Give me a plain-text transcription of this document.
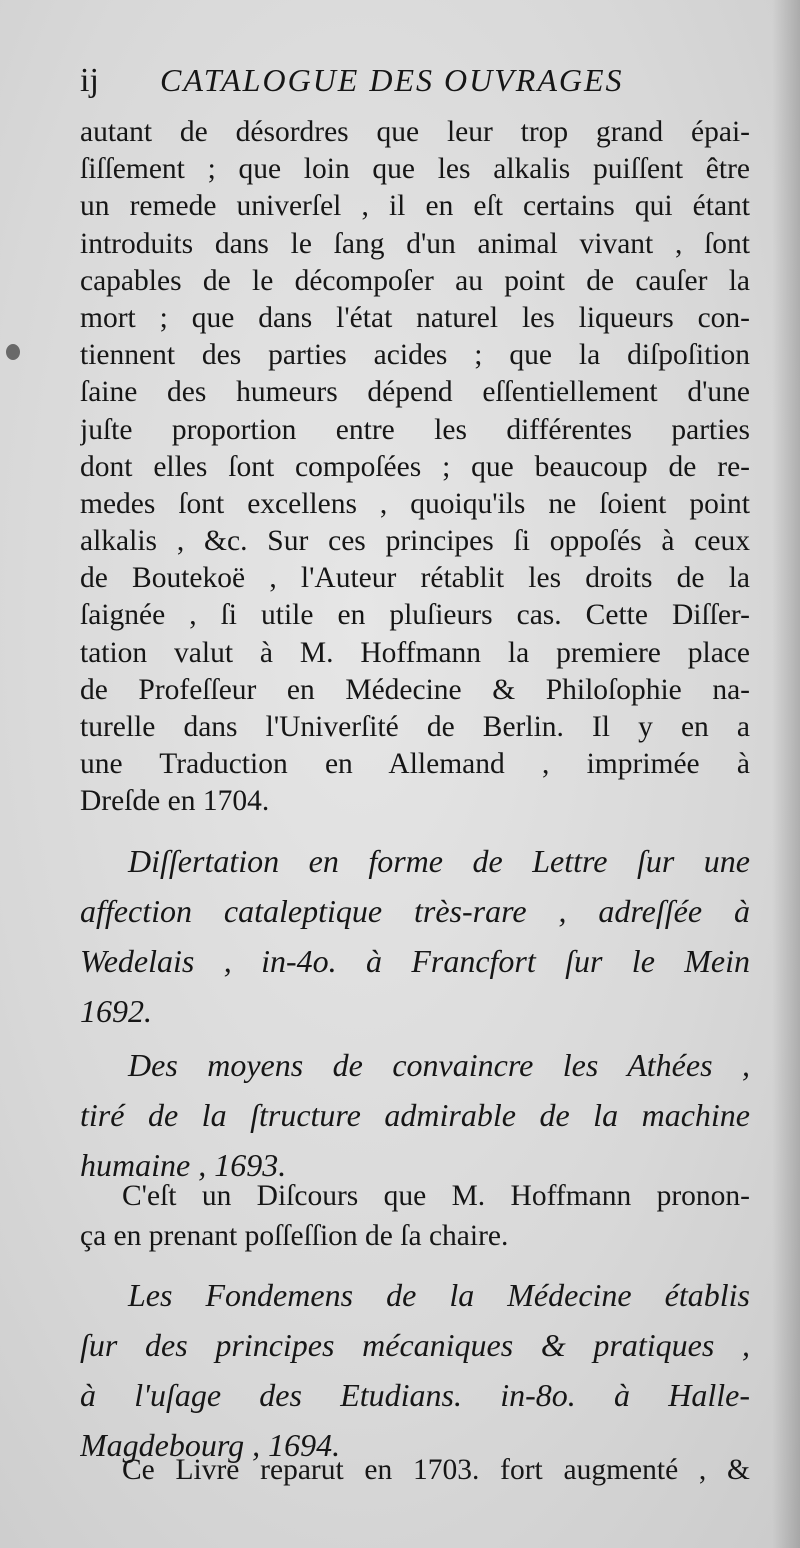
ij CATALOGUE DES OUVRAGES
autant de désordres que leur trop grand épai-
ſiſſement ; que loin que les alkalis puiſſent être
un remede univerſel , il en eſt certains qui étant
introduits dans le ſang d'un animal vivant , ſont
capables de le décompoſer au point de cauſer la
mort ; que dans l'état naturel les liqueurs con-
tiennent des parties acides ; que la diſpoſition
ſaine des humeurs dépend eſſentiellement d'une
juſte proportion entre les différentes parties
dont elles ſont compoſées ; que beaucoup de re-
medes ſont excellens , quoiqu'ils ne ſoient point
alkalis , &c. Sur ces principes ſi oppoſés à ceux
de Boutekoë , l'Auteur rétablit les droits de la
ſaignée , ſi utile en pluſieurs cas. Cette Diſſer-
tation valut à M. Hoffmann la premiere place
de Profeſſeur en Médecine & Philoſophie na-
turelle dans l'Univerſité de Berlin. Il y en a
une Traduction en Allemand , imprimée à
Dreſde en 1704.
Diſſertation en forme de Lettre ſur une
affection cataleptique très-rare , adreſſée à
Wedelais , in-4o. à Francfort ſur le Mein
1692.
Des moyens de convaincre les Athées ,
tiré de la ſtructure admirable de la machine
humaine , 1693.
C'eſt un Diſcours que M. Hoffmann pronon-
ça en prenant poſſeſſion de ſa chaire.
Les Fondemens de la Médecine établis
ſur des principes mécaniques & pratiques ,
à l'uſage des Etudians. in-8o. à Halle-
Magdebourg , 1694.
Ce Livre reparut en 1703. fort augmenté , &
